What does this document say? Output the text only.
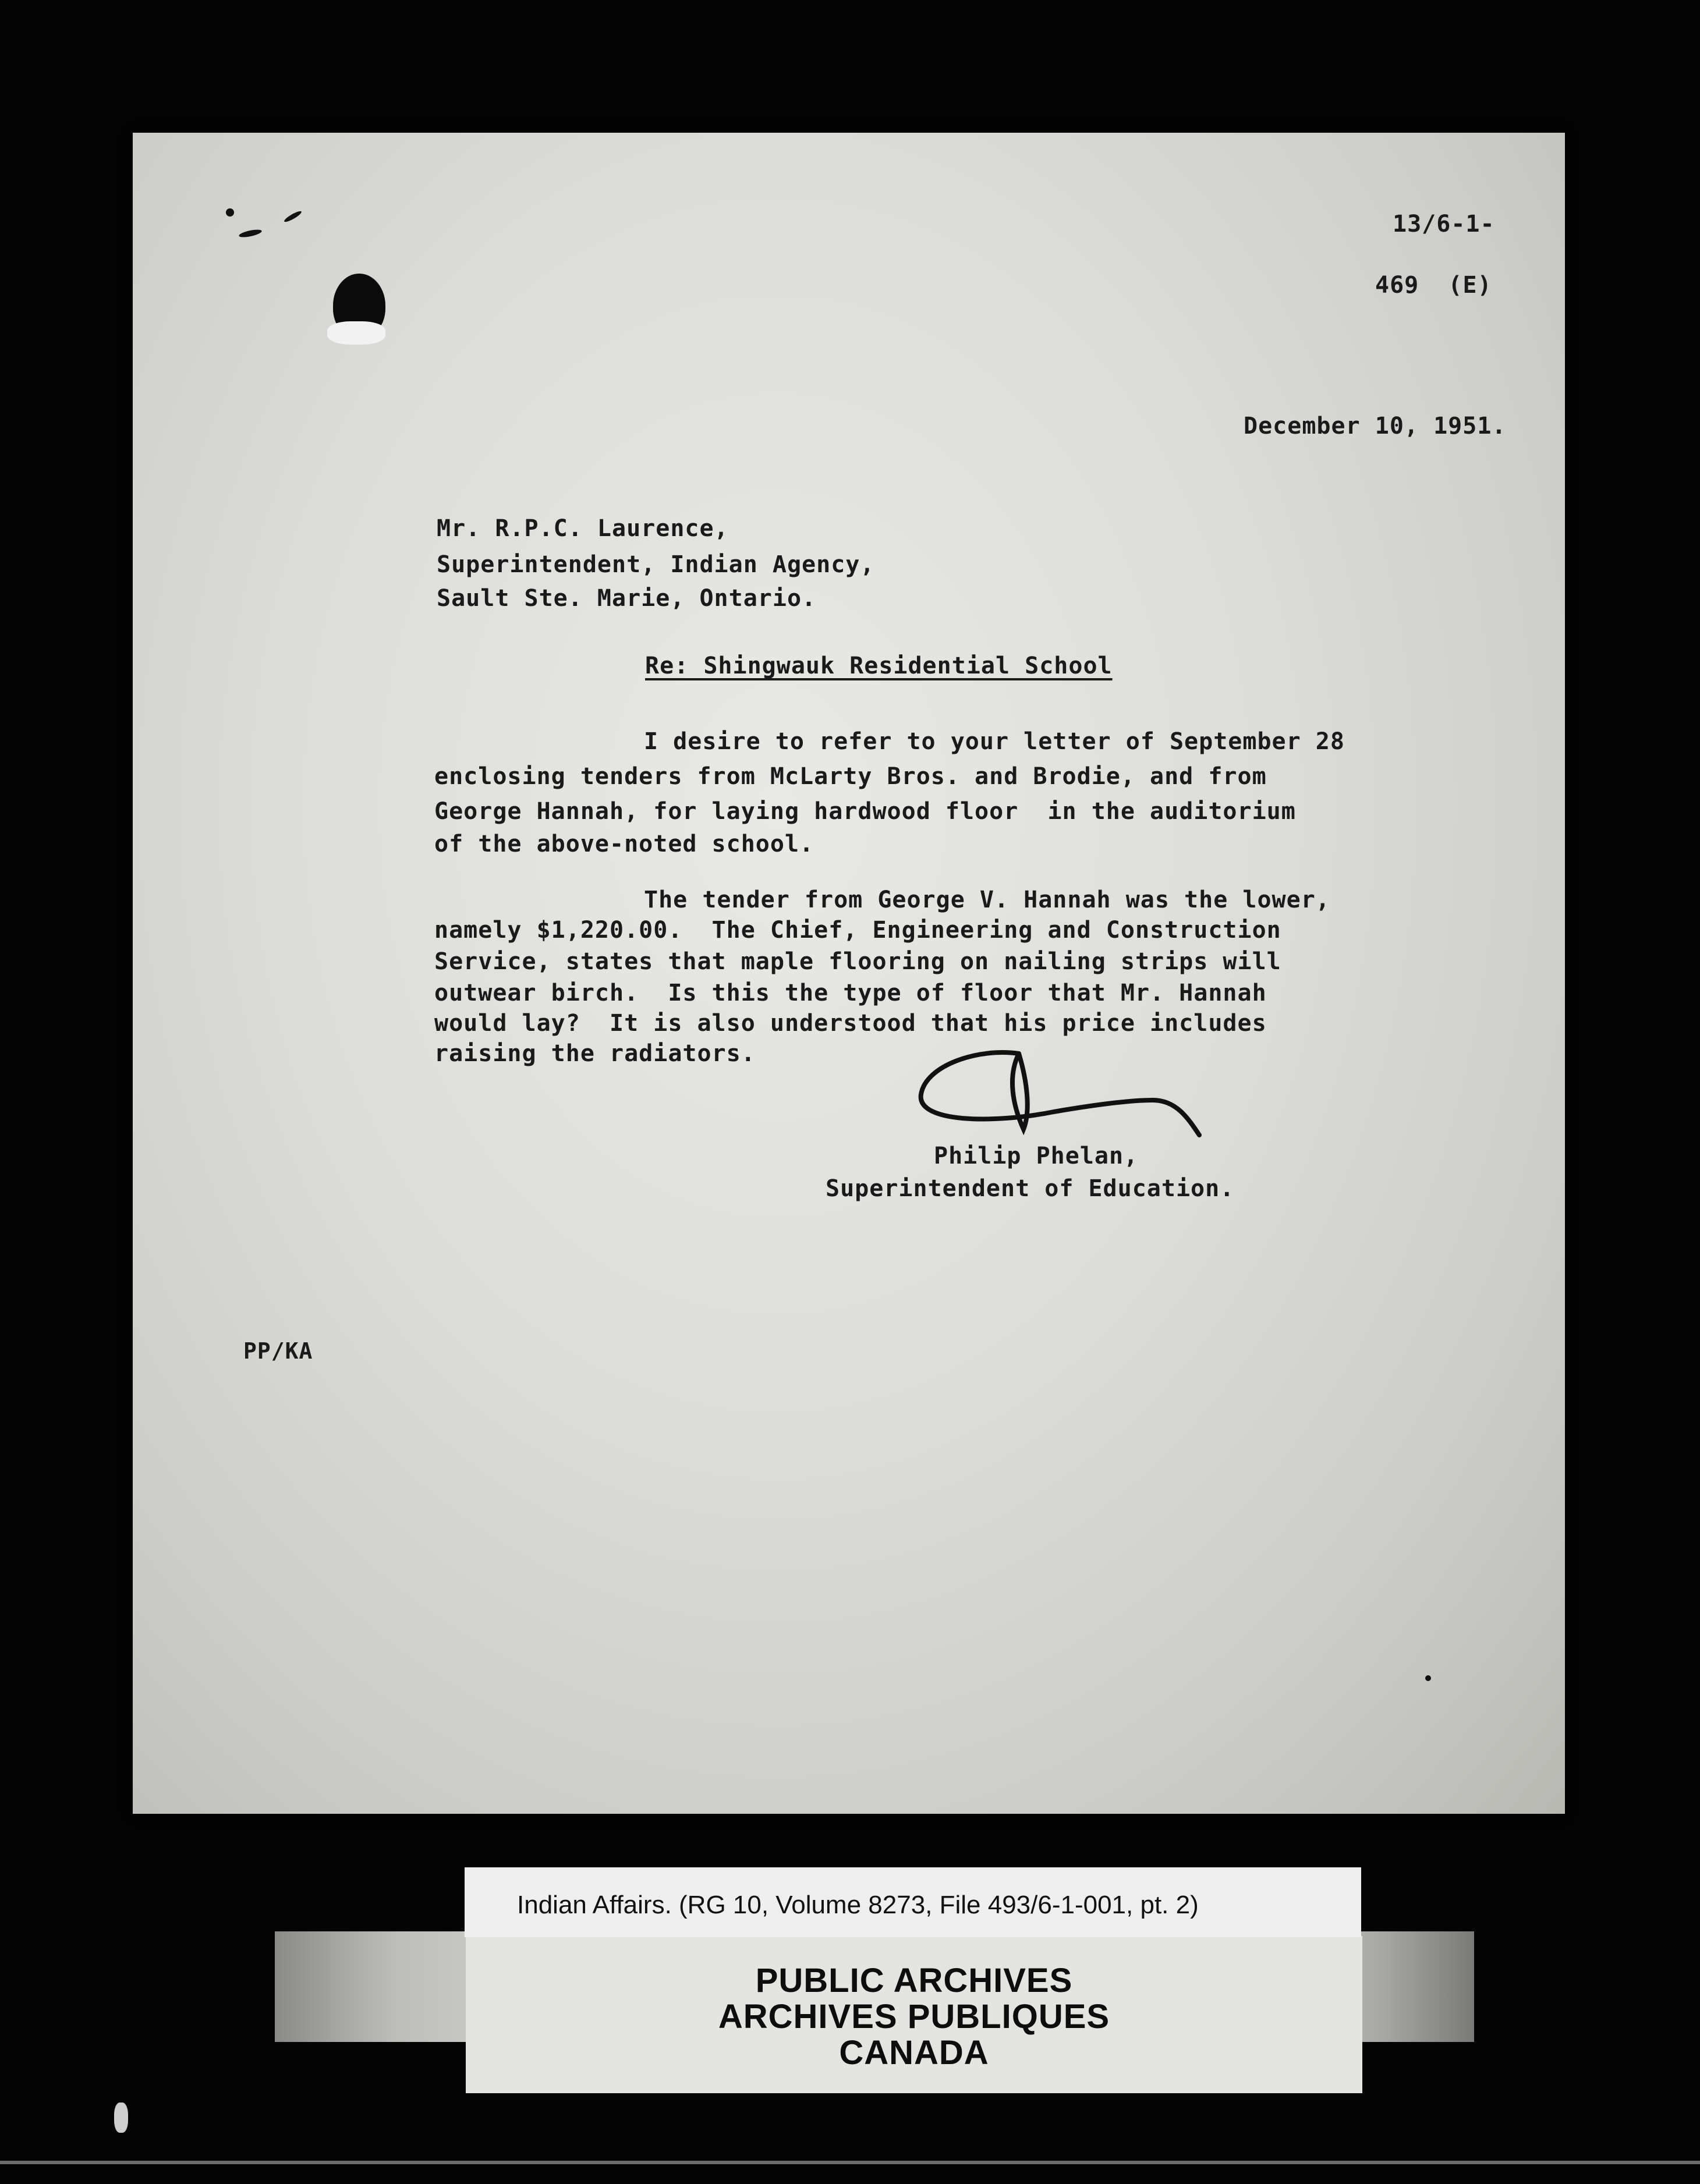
13/6-1-
469  (E)
December 10, 1951.
Mr. R.P.C. Laurence,
Superintendent, Indian Agency,
Sault Ste. Marie, Ontario.
Re: Shingwauk Residential School
I desire to refer to your letter of September 28
enclosing tenders from McLarty Bros. and Brodie, and from
George Hannah, for laying hardwood floor  in the auditorium
of the above-noted school.
The tender from George V. Hannah was the lower,
namely $1,220.00.  The Chief, Engineering and Construction
Service, states that maple flooring on nailing strips will
outwear birch.  Is this the type of floor that Mr. Hannah
would lay?  It is also understood that his price includes
raising the radiators.
Philip Phelan,
Superintendent of Education.
PP/KA
PUBLIC ARCHIVES
ARCHIVES PUBLIQUES
CANADA
Indian Affairs. (RG 10, Volume 8273, File 493/6-1-001, pt. 2)
